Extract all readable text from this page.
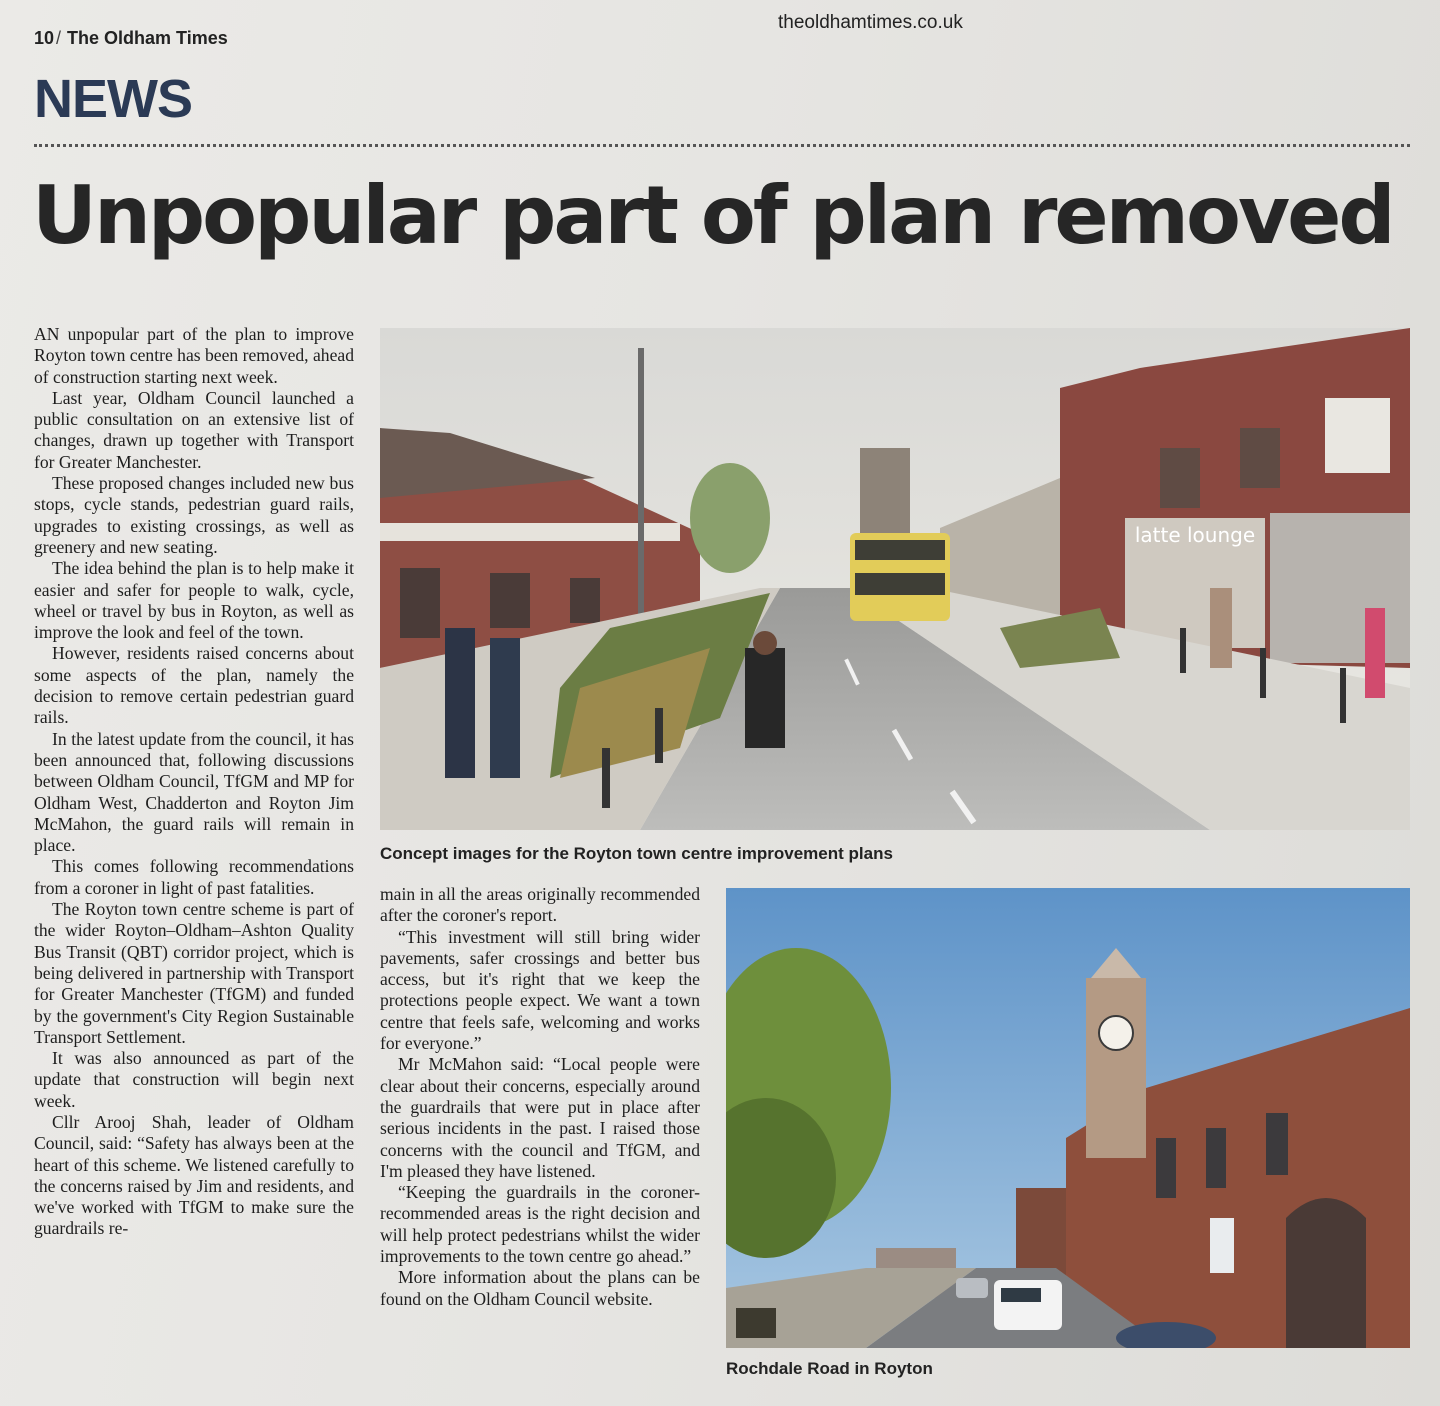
10 / The Oldham Times
theoldhamtimes.co.uk
NEWS
Unpopular part of plan removed

AN unpopular part of the plan to improve Royton town centre has been removed, ahead of construction starting next week.

Last year, Oldham Council launched a public consultation on an extensive list of changes, drawn up together with Transport for Greater Manchester.

These proposed changes included new bus stops, cycle stands, pedestrian guard rails, upgrades to existing crossings, as well as greenery and new seating.

The idea behind the plan is to help make it easier and safer for people to walk, cycle, wheel or travel by bus in Royton, as well as improve the look and feel of the town.

However, residents raised concerns about some aspects of the plan, namely the decision to remove certain pedestrian guard rails.

In the latest update from the council, it has been announced that, following discussions between Oldham Council, TfGM and MP for Oldham West, Chadderton and Royton Jim McMahon, the guard rails will remain in place.

This comes following recommendations from a coroner in light of past fatalities.

The Royton town centre scheme is part of the wider Royton–Oldham–Ashton Quality Bus Transit (QBT) corridor project, which is being delivered in partnership with Transport for Greater Manchester (TfGM) and funded by the government's City Region Sustainable Transport Settlement.

It was also announced as part of the update that construction will begin next week.

Cllr Arooj Shah, leader of Oldham Council, said: “Safety has always been at the heart of this scheme. We listened carefully to the concerns raised by Jim and residents, and we've worked with TfGM to make sure the guardrails re-

latte lounge
Concept images for the Royton town centre improvement plans

main in all the areas originally recommended after the coroner's report.

“This investment will still bring wider pavements, safer crossings and better bus access, but it's right that we keep the protections people expect. We want a town centre that feels safe, welcoming and works for everyone.”

Mr McMahon said: “Local people were clear about their concerns, especially around the guardrails that were put in place after serious incidents in the past. I raised those concerns with the council and TfGM, and I'm pleased they have listened.

“Keeping the guardrails in the coroner-recommended areas is the right decision and will help protect pedestrians whilst the wider improvements to the town centre go ahead.”

More information about the plans can be found on the Oldham Council website.

Rochdale Road in Royton
